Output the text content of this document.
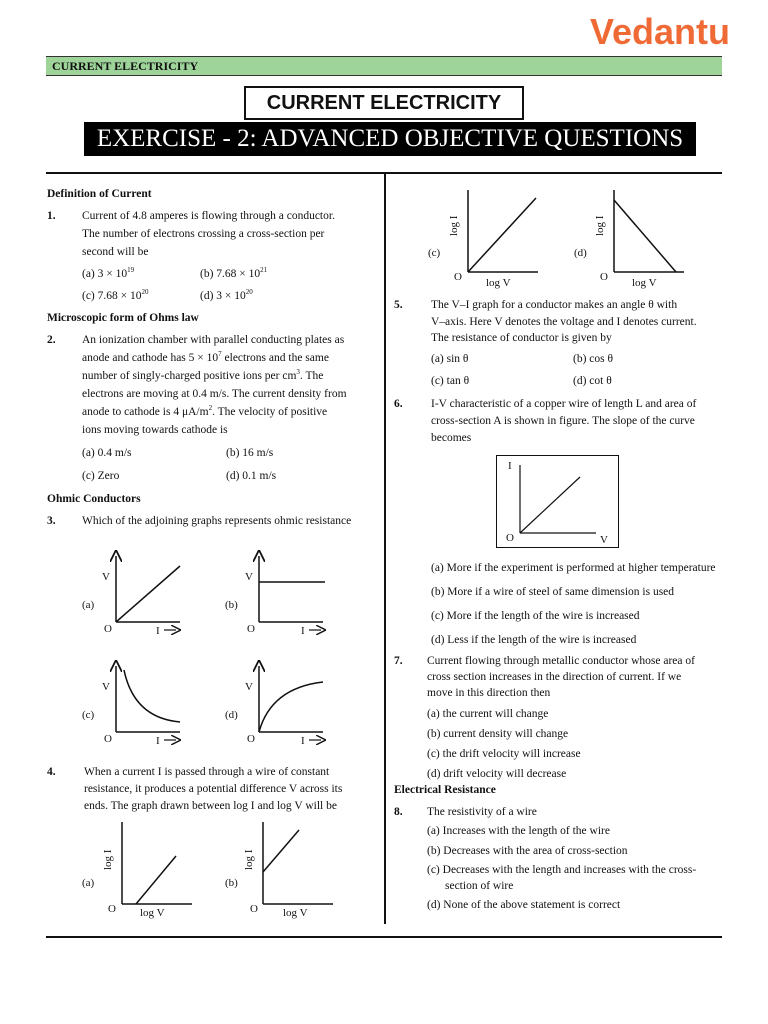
Vedantu
CURRENT ELECTRICITY
CURRENT ELECTRICITY
EXERCISE - 2: ADVANCED OBJECTIVE QUESTIONS
Definition of Current
1. Current of 4.8 amperes is flowing through a conductor.
The number of electrons crossing a cross-section per
second will be
(a) $3 \times 10^{19}$	(b) $7.68 \times 10^{21}$
(c) $7.68 \times 10^{20}$	(d) $3 \times 10^{20}$
Microscopic form of Ohms law
2. An ionization chamber with parallel conducting plates as
anode and cathode has $5 \times 10^7$ electrons and the same
number of singly-charged positive ions per $cm^3$. The
electrons are moving at 0.4 m/s. The current density from
anode to cathode is 4 $\mu A/m^2$. The velocity of positive
ions moving towards cathode is
(a) 0.4 m/s	(b) 16 m/s
(c) Zero	(d) 0.1 m/s
Ohmic Conductors
3. Which of the adjoining graphs represents ohmic resistance
V
(a)
O	I
V
(b)
O	I
V
(c)
O	I
V
(d)
O	I
4. When a current I is passed through a wire of constant
resistance, it produces a potential difference V across its
ends. The graph drawn between log I and log V will be
log I
(a)
O log V
log I
(b)
O log V
log I
(c)
O log V
log I
(d)
O log V
5. The V–I graph for a conductor makes an angle θ with
V–axis. Here V denotes the voltage and I denotes current.
The resistance of conductor is given by
(a) sin θ	(b) cos θ
(c) tan θ	(d) cot θ
6. I-V characteristic of a copper wire of length L and area of
cross-section A is shown in figure. The slope of the curve
becomes
I
O	V
(a) More if the experiment is performed at higher temperature
(b) More if a wire of steel of same dimension is used
(c) More if the length of the wire is increased
(d) Less if the length of the wire is increased
7. Current flowing through metallic conductor whose area of
cross section increases in the direction of current. If we
move in this direction then
(a) the current will change
(b) current density will change
(c) the drift velocity will increase
(d) drift velocity will decrease
Electrical Resistance
8. The resistivity of a wire
(a) Increases with the length of the wire
(b) Decreases with the area of cross-section
(c) Decreases with the length and increases with the cross-
section of wire
(d) None of the above statement is correct
